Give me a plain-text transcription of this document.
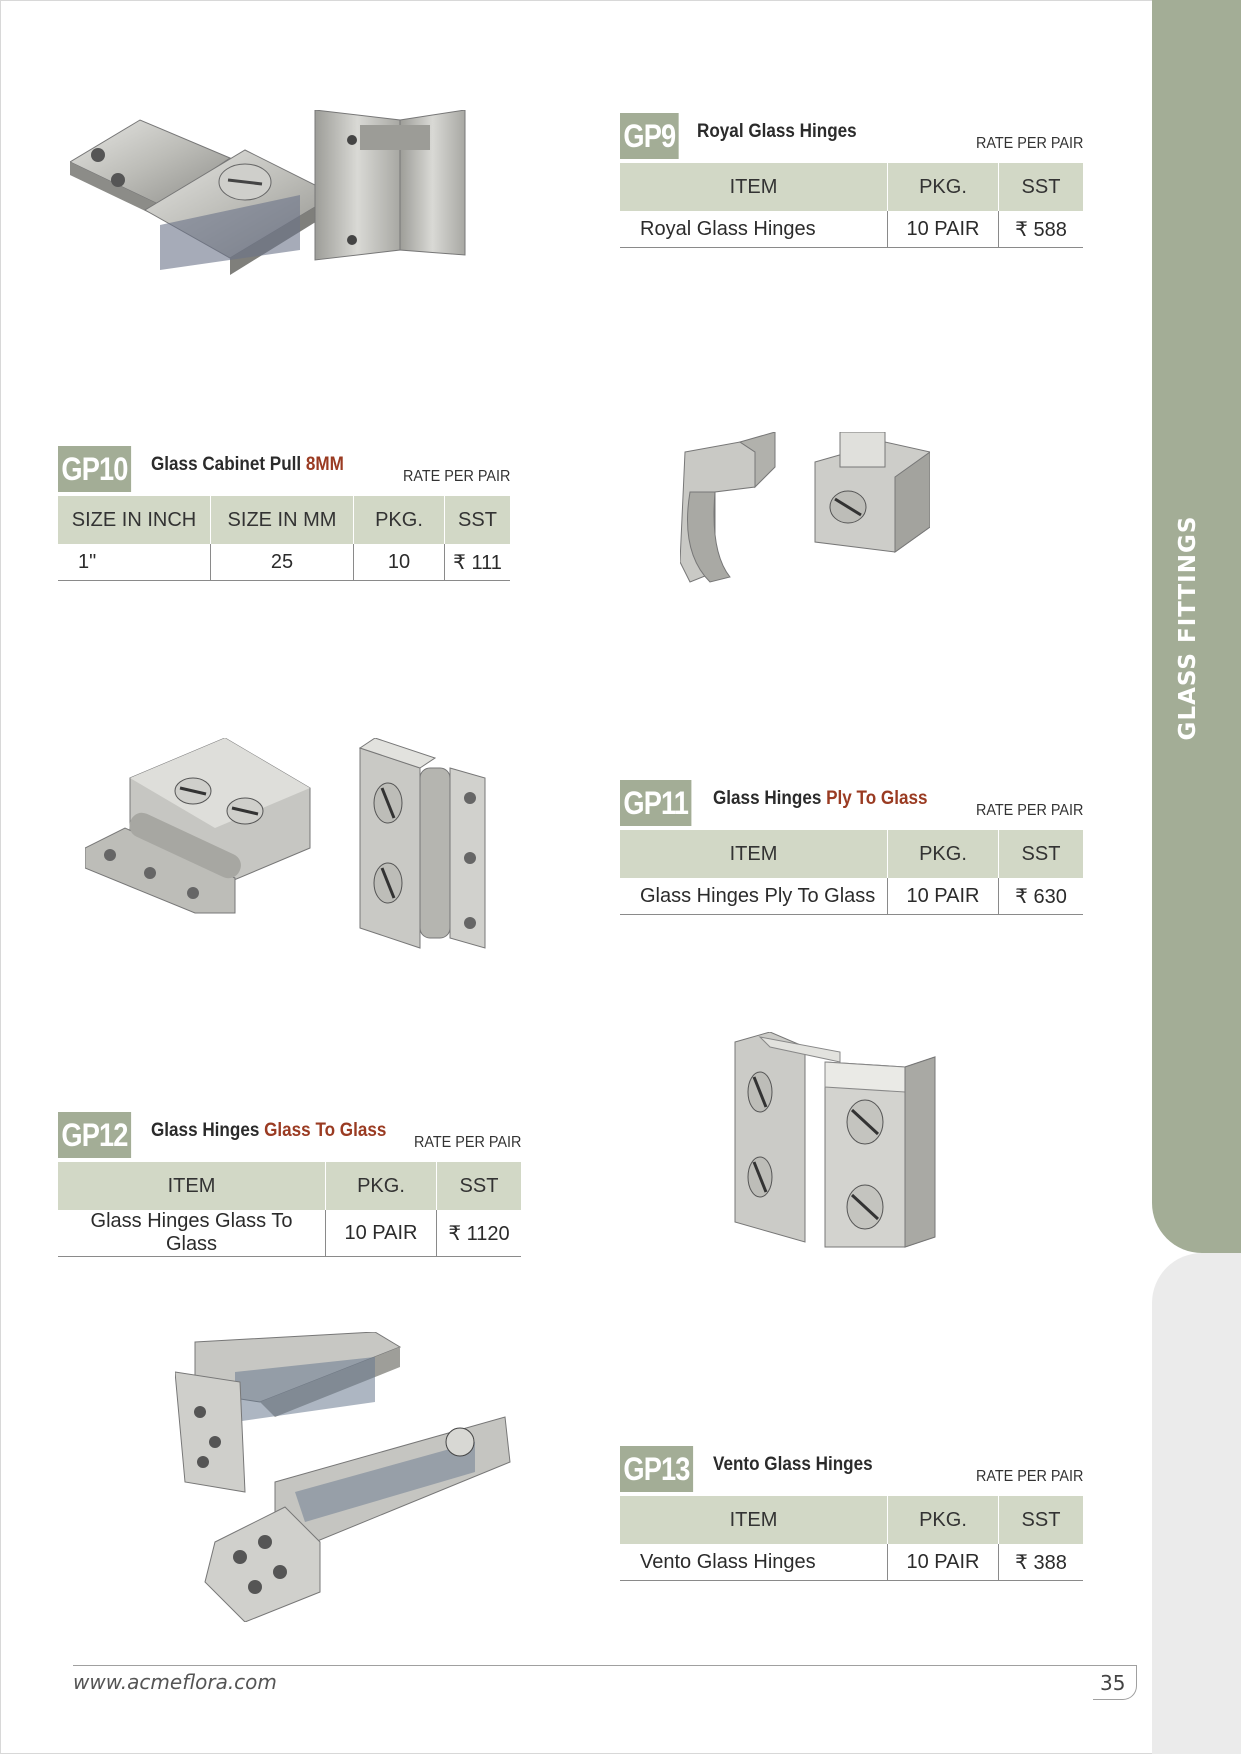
GLASS FITTINGS
GP9 Royal Glass Hinges
RATE PER PAIR
ITEM	PKG.	SST
Royal Glass Hinges	10 PAIR	₹ 588
GP10 Glass Cabinet Pull 8MM
RATE PER PAIR
SIZE IN INCH	SIZE IN MM	PKG.	SST
1"	25	10	₹ 111
GP11 Glass Hinges Ply To Glass
RATE PER PAIR
ITEM	PKG.	SST
Glass Hinges Ply To Glass	10 PAIR	₹ 630
GP12 Glass Hinges Glass To Glass
RATE PER PAIR
ITEM	PKG.	SST
Glass Hinges Glass To Glass	10 PAIR	₹ 1120
GP13 Vento Glass Hinges
RATE PER PAIR
ITEM	PKG.	SST
Vento Glass Hinges	10 PAIR	₹ 388
www.acmeflora.com	35
